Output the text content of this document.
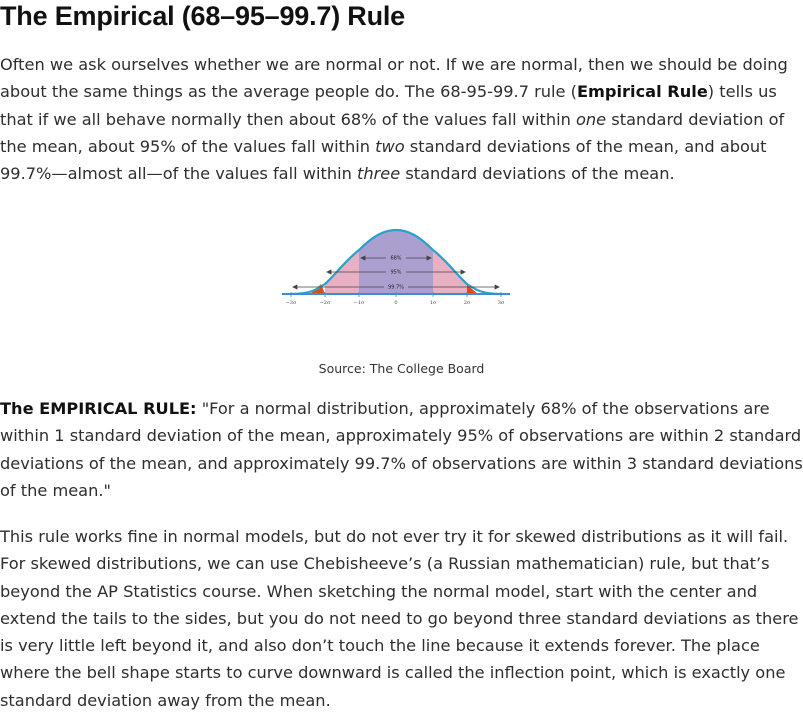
The Empirical (68–95–99.7) Rule

Often we ask ourselves whether we are normal or not. If we are normal, then we should be doing about the same things as the average people do. The 68-95-99.7 rule (Empirical Rule) tells us that if we all behave normally then about 68% of the values fall within one standard deviation of the mean, about 95% of the values fall within two standard deviations of the mean, and about 99.7%—almost all—of the values fall within three standard deviations of the mean.

68%
95%
99.7%
−3σ	−2σ	−1σ	0	1σ	2σ	3σ
Source: The College Board

The EMPIRICAL RULE: "For a normal distribution, approximately 68% of the observations are within 1 standard deviation of the mean, approximately 95% of observations are within 2 standard deviations of the mean, and approximately 99.7% of observations are within 3 standard deviations of the mean."

This rule works fine in normal models, but do not ever try it for skewed distributions as it will fail. For skewed distributions, we can use Chebisheeve’s (a Russian mathematician) rule, but that’s beyond the AP Statistics course. When sketching the normal model, start with the center and extend the tails to the sides, but you do not need to go beyond three standard deviations as there is very little left beyond it, and also don’t touch the line because it extends forever. The place where the bell shape starts to curve downward is called the inflection point, which is exactly one standard deviation away from the mean.
